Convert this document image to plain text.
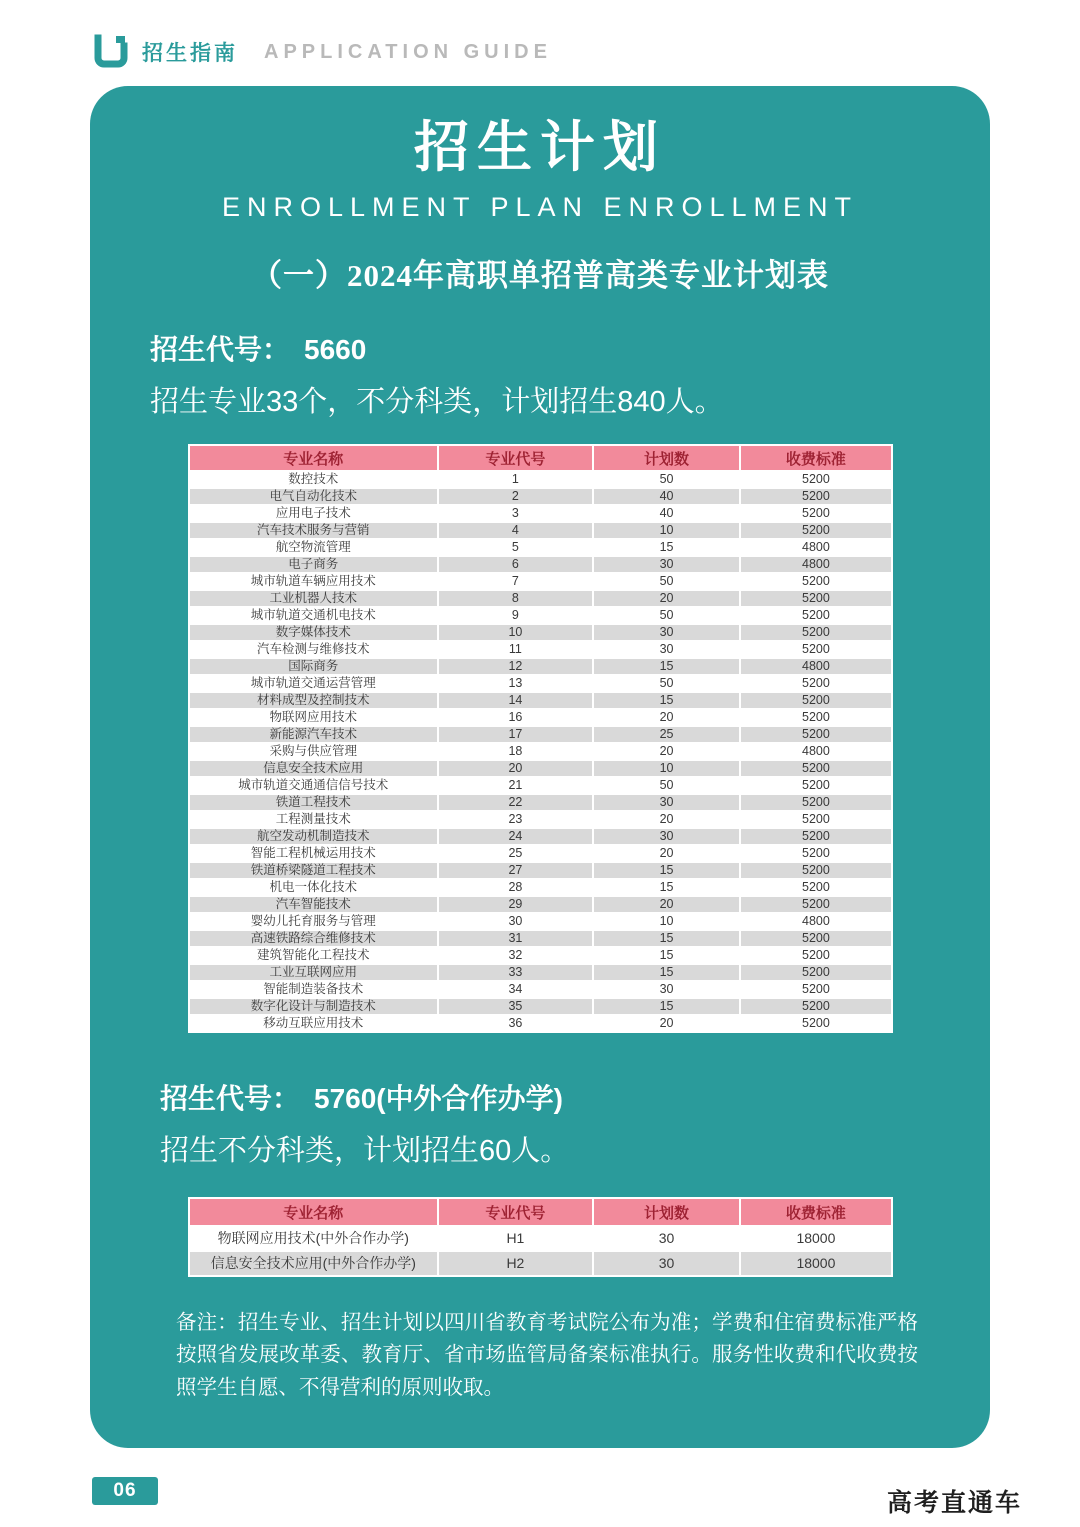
招生指南 APPLICATION GUIDE
招生计划
ENROLLMENT PLAN ENROLLMENT
（一）2024年高职单招普高类专业计划表
招生代号： 5660
招生专业33个，不分科类，计划招生840人。
专业名称	专业代号	计划数	收费标准
数控技术	1	50	5200
电气自动化技术	2	40	5200
应用电子技术	3	40	5200
汽车技术服务与营销	4	10	5200
航空物流管理	5	15	4800
电子商务	6	30	4800
城市轨道车辆应用技术	7	50	5200
工业机器人技术	8	20	5200
城市轨道交通机电技术	9	50	5200
数字媒体技术	10	30	5200
汽车检测与维修技术	11	30	5200
国际商务	12	15	4800
城市轨道交通运营管理	13	50	5200
材料成型及控制技术	14	15	5200
物联网应用技术	16	20	5200
新能源汽车技术	17	25	5200
采购与供应管理	18	20	4800
信息安全技术应用	20	10	5200
城市轨道交通通信信号技术	21	50	5200
铁道工程技术	22	30	5200
工程测量技术	23	20	5200
航空发动机制造技术	24	30	5200
智能工程机械运用技术	25	20	5200
铁道桥梁隧道工程技术	27	15	5200
机电一体化技术	28	15	5200
汽车智能技术	29	20	5200
婴幼儿托育服务与管理	30	10	4800
高速铁路综合维修技术	31	15	5200
建筑智能化工程技术	32	15	5200
工业互联网应用	33	15	5200
智能制造装备技术	34	30	5200
数字化设计与制造技术	35	15	5200
移动互联应用技术	36	20	5200
招生代号： 5760(中外合作办学)
招生不分科类，计划招生60人。
专业名称	专业代号	计划数	收费标准
物联网应用技术(中外合作办学)	H1	30	18000
信息安全技术应用(中外合作办学)	H2	30	18000

备注：招生专业、招生计划以四川省教育考试院公布为准；学费和住宿费标准严格按照省发展改革委、教育厅、省市场监管局备案标准执行。服务性收费和代收费按照学生自愿、不得营利的原则收取。

06	高考直通车
